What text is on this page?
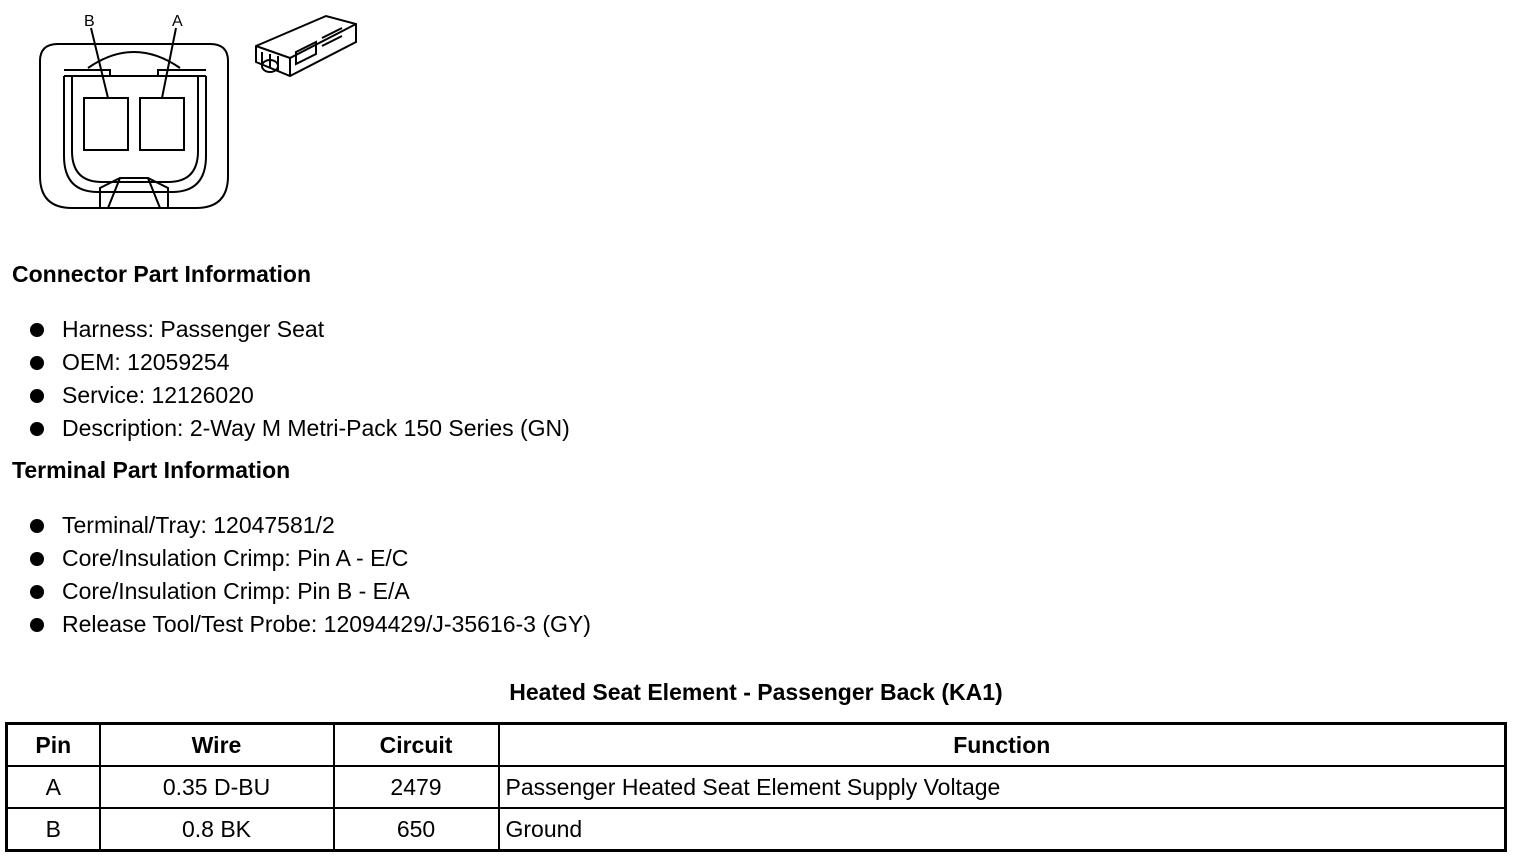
B	A
Connector Part Information
Harness: Passenger Seat
OEM: 12059254
Service: 12126020
Description: 2-Way M Metri-Pack 150 Series (GN)
Terminal Part Information
Terminal/Tray: 12047581/2
Core/Insulation Crimp: Pin A - E/C
Core/Insulation Crimp: Pin B - E/A
Release Tool/Test Probe: 12094429/J-35616-3 (GY)
Heated Seat Element - Passenger Back (KA1)
Pin	Wire	Circuit	Function
A	0.35 D-BU	2479	Passenger Heated Seat Element Supply Voltage
B	0.8 BK	650	Ground
